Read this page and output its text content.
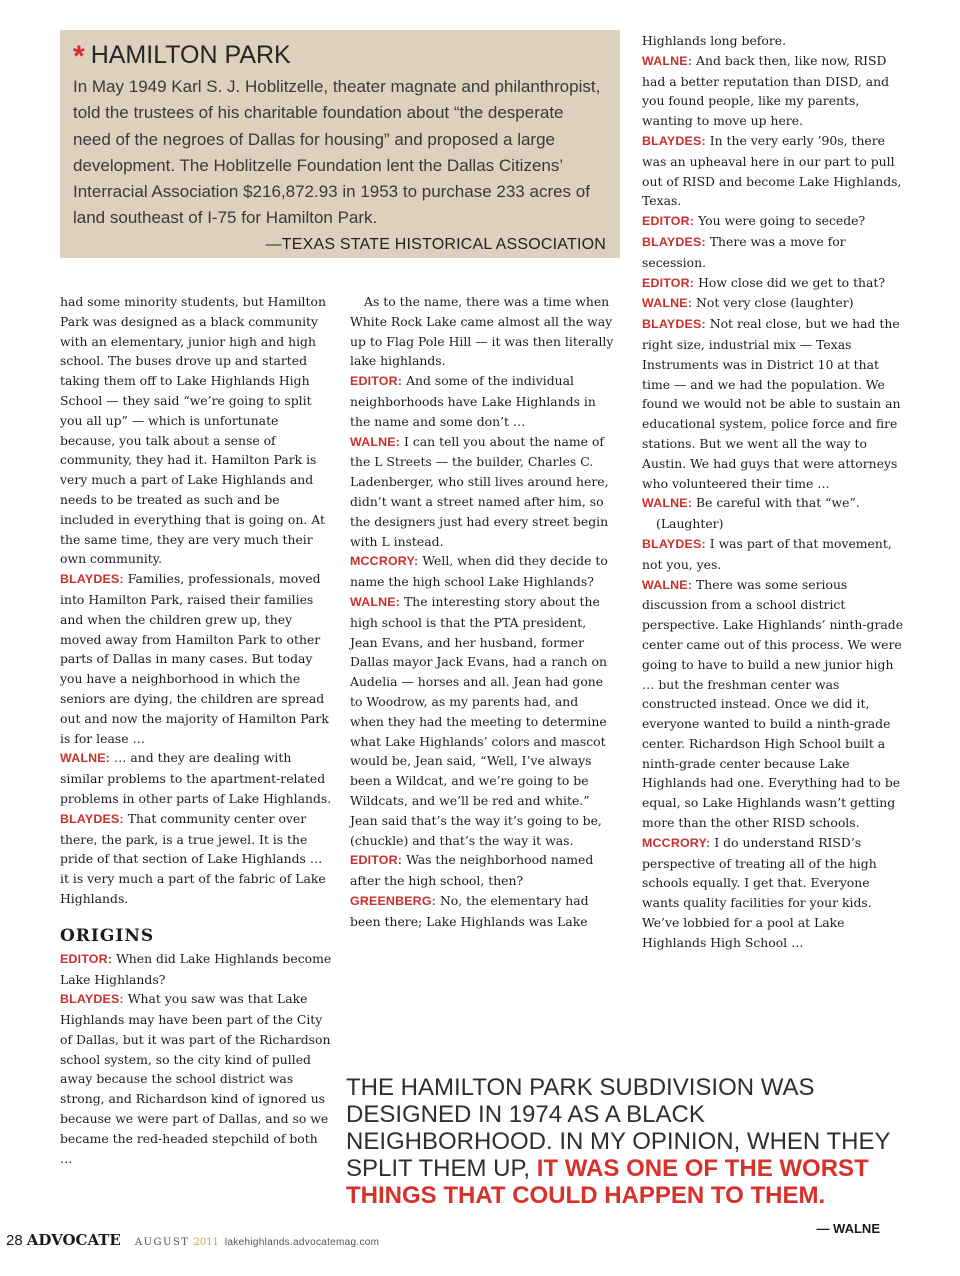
* HAMILTON PARK
In May 1949 Karl S. J. Hoblitzelle, theater magnate and philanthropist, told the trustees of his charitable foundation about “the desperate need of the negroes of Dallas for housing” and proposed a large development. The Hoblitzelle Foundation lent the Dallas Citizens’ Interracial Association $216,872.93 in 1953 to purchase 233 acres of land southeast of I-75 for Hamilton Park.
—TEXAS STATE HISTORICAL ASSOCIATION

had some minority students, but Hamilton Park was designed as a black community with an elementary, junior high and high school. The buses drove up and started taking them off to Lake Highlands High School — they said “we’re going to split you all up” — which is unfortunate because, you talk about a sense of community, they had it. Hamilton Park is very much a part of Lake Highlands and needs to be treated as such and be included in everything that is going on. At the same time, they are very much their own community.

BLAYDES: Families, professionals, moved into Hamilton Park, raised their families and when the children grew up, they moved away from Hamilton Park to other parts of Dallas in many cases. But today you have a neighborhood in which the seniors are dying, the children are spread out and now the majority of Hamilton Park is for lease …

WALNE: … and they are dealing with similar problems to the apartment-related problems in other parts of Lake Highlands.

BLAYDES: That community center over there, the park, is a true jewel. It is the pride of that section of Lake Highlands … it is very much a part of the fabric of Lake Highlands.

ORIGINS

EDITOR: When did Lake Highlands become Lake Highlands?

BLAYDES: What you saw was that Lake Highlands may have been part of the City of Dallas, but it was part of the Richardson school system, so the city kind of pulled away because the school district was strong, and Richardson kind of ignored us because we were part of Dallas, and so we became the red-headed stepchild of both …

As to the name, there was a time when White Rock Lake came almost all the way up to Flag Pole Hill — it was then literally lake highlands.

EDITOR: And some of the individual neighborhoods have Lake Highlands in the name and some don’t …

WALNE: I can tell you about the name of the L Streets — the builder, Charles C. Ladenberger, who still lives around here, didn’t want a street named after him, so the designers just had every street begin with L instead.

MCCRORY: Well, when did they decide to name the high school Lake Highlands?

WALNE: The interesting story about the high school is that the PTA president, Jean Evans, and her husband, former Dallas mayor Jack Evans, had a ranch on Audelia — horses and all. Jean had gone to Woodrow, as my parents had, and when they had the meeting to determine what Lake Highlands’ colors and mascot would be, Jean said, “Well, I’ve always been a Wildcat, and we’re going to be Wildcats, and we’ll be red and white.” Jean said that’s the way it’s going to be, (chuckle) and that’s the way it was.

EDITOR: Was the neighborhood named after the high school, then?

GREENBERG: No, the elementary had been there; Lake Highlands was Lake

Highlands long before.

WALNE: And back then, like now, RISD had a better reputation than DISD, and you found people, like my parents, wanting to move up here.

BLAYDES: In the very early ’90s, there was an upheaval here in our part to pull out of RISD and become Lake Highlands, Texas.

EDITOR: You were going to secede?

BLAYDES: There was a move for secession.

EDITOR: How close did we get to that?

WALNE: Not very close (laughter)

BLAYDES: Not real close, but we had the right size, industrial mix — Texas Instruments was in District 10 at that time — and we had the population. We found we would not be able to sustain an educational system, police force and fire stations. But we went all the way to Austin. We had guys that were attorneys who volunteered their time …

WALNE: Be careful with that “we”.

(Laughter)

BLAYDES: I was part of that movement, not you, yes.

WALNE: There was some serious discussion from a school district perspective. Lake Highlands’ ninth-grade center came out of this process. We were going to have to build a new junior high … but the freshman center was constructed instead. Once we did it, everyone wanted to build a ninth-grade center. Richardson High School built a ninth-grade center because Lake Highlands had one. Everything had to be equal, so Lake Highlands wasn’t getting more than the other RISD schools.

MCCRORY: I do understand RISD’s perspective of treating all of the high schools equally. I get that. Everyone wants quality facilities for your kids. We’ve lobbied for a pool at Lake Highlands High School …

THE HAMILTON PARK SUBDIVISION WAS DESIGNED IN 1974 AS A BLACK NEIGHBORHOOD. IN MY OPINION, WHEN THEY SPLIT THEM UP, IT WAS ONE OF THE WORST THINGS THAT COULD HAPPEN TO THEM.
— WALNE
28 ADVOCATE AUGUST 2011 lakehighlands.advocatemag.com
